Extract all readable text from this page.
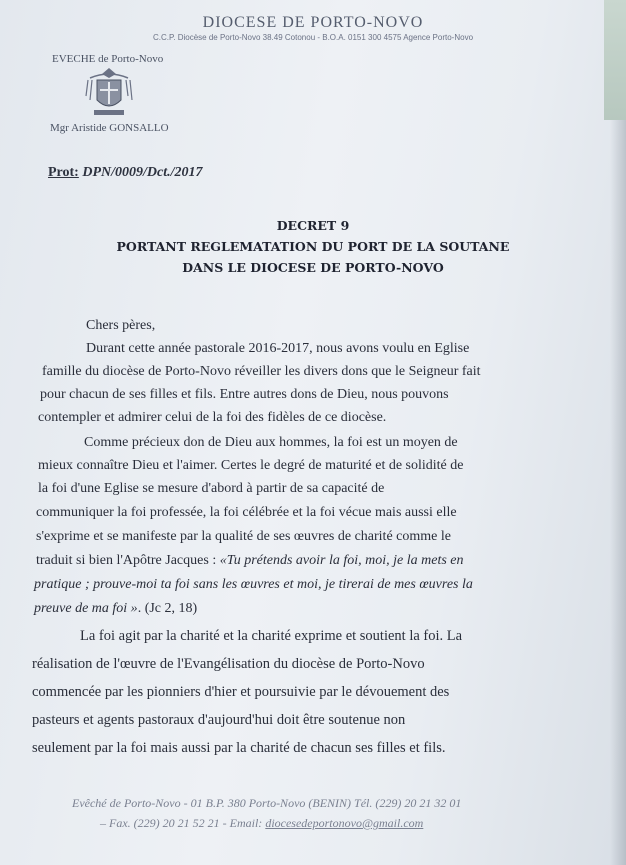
DIOCESE DE PORTO-NOVO
C.C.P. Diocèse de Porto-Novo 38.49 Cotonou - B.O.A. 0151 300 4575 Agence Porto-Novo
EVECHE de Porto-Novo
Mgr Aristide GONSALLO
Prot: DPN/0009/Dct./2017
DECRET 9
PORTANT REGLEMATATION DU PORT DE LA SOUTANE
DANS LE DIOCESE DE PORTO-NOVO
Chers pères,
Durant cette année pastorale 2016-2017, nous avons voulu en Eglise
famille du diocèse de Porto-Novo réveiller les divers dons que le Seigneur fait
pour chacun de ses filles et fils. Entre autres dons de Dieu, nous pouvons
contempler et admirer celui de la foi des fidèles de ce diocèse.
Comme précieux don de Dieu aux hommes, la foi est un moyen de
mieux connaître Dieu et l'aimer. Certes le degré de maturité et de solidité de
la foi d'une Eglise se mesure d'abord à partir de sa capacité de
communiquer la foi professée, la foi célébrée et la foi vécue mais aussi elle
s'exprime et se manifeste par la qualité de ses œuvres de charité comme le
traduit si bien l'Apôtre Jacques : «Tu prétends avoir la foi, moi, je la mets en
pratique ; prouve-moi ta foi sans les œuvres et moi, je tirerai de mes œuvres la
preuve de ma foi ». (Jc 2, 18)
La foi agit par la charité et la charité exprime et soutient la foi. La
réalisation de l'œuvre de l'Evangélisation du diocèse de Porto-Novo
commencée par les pionniers d'hier et poursuivie par le dévouement des
pasteurs et agents pastoraux d'aujourd'hui doit être soutenue non
seulement par la foi mais aussi par la charité de chacun ses filles et fils.
Evêché de Porto-Novo - 01 B.P. 380 Porto-Novo (BENIN) Tél. (229) 20 21 32 01
– Fax. (229) 20 21 52 21 - Email: diocesedeportonovo@gmail.com
